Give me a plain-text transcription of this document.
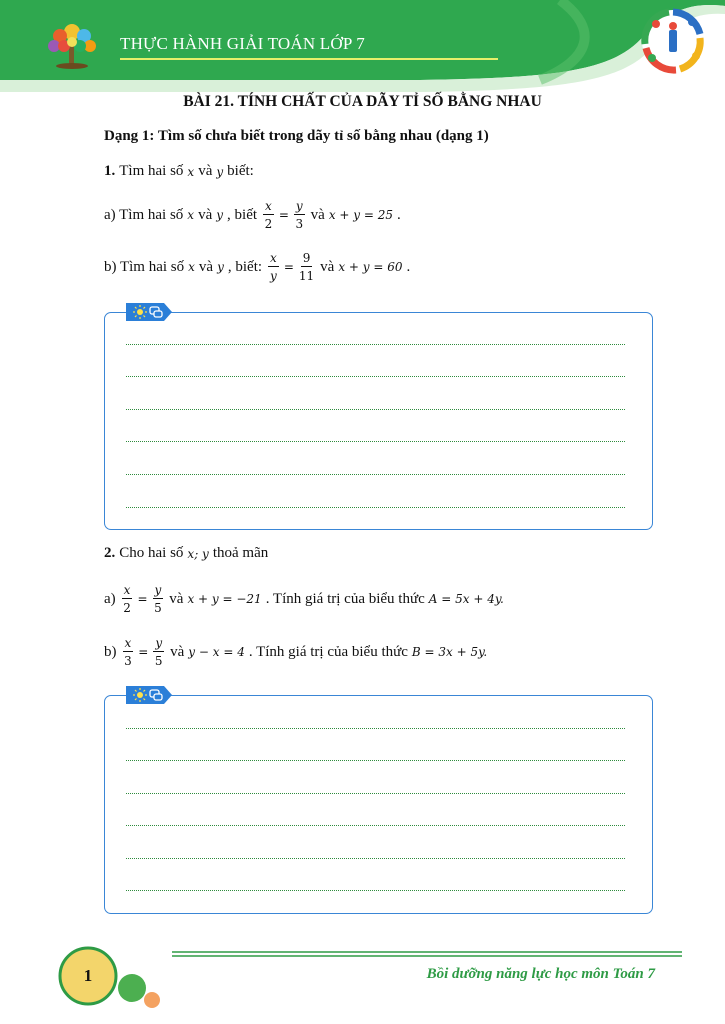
THỰC HÀNH GIẢI TOÁN LỚP 7
BÀI 21. TÍNH CHẤT CỦA DÃY TỈ SỐ BẰNG NHAU
Dạng 1: Tìm số chưa biết trong dãy tỉ số bằng nhau (dạng 1)
1. Tìm hai số x và y biết:
a) Tìm hai số x và y , biết $\frac{x}{2} = \frac{y}{3}$ và x + y = 25 .
b) Tìm hai số x và y , biết: $\frac{x}{y} = \frac{9}{11}$ và x + y = 60 .
2. Cho hai số x; y thoả mãn
$a) \frac{x}{2} = \frac{y}{5}$ và x + y = −21 . Tính giá trị của biểu thức A = 5x + 4y.
$b) \frac{x}{3} = \frac{y}{5}$ và y − x = 4 . Tính giá trị của biểu thức B = 3x + 5y.
1	Bồi dưỡng năng lực học môn Toán 7
